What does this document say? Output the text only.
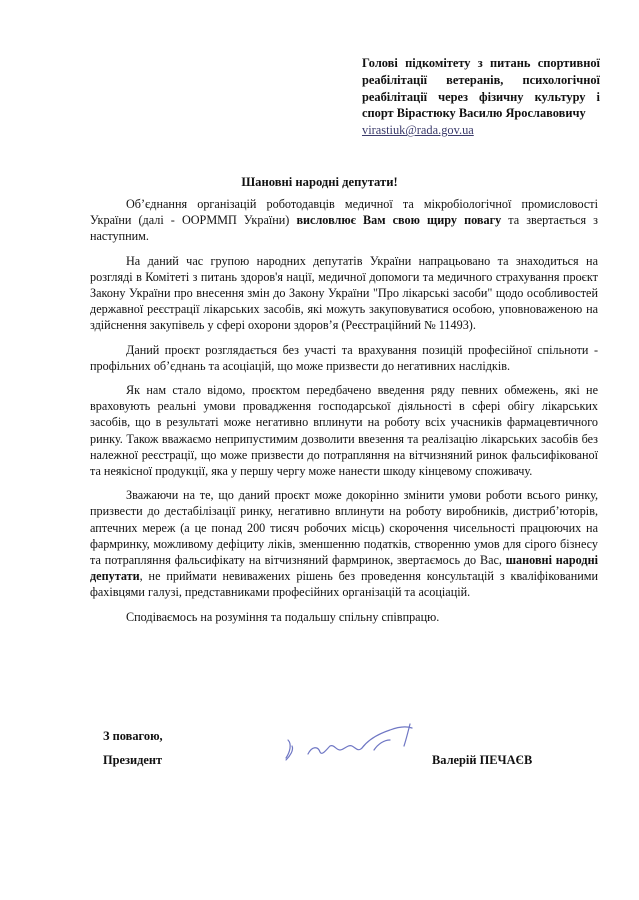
Голові підкомітету з питань спортивної реабілітації ветеранів, психологічної реабілітації через фізичну культуру і спорт Вірастюку Василю Ярославовичу
virastiuk@rada.gov.ua
Шановні народні депутати!

Об’єднання організацій роботодавців медичної та мікробіологічної промисловості України (далі - ООРММП України) висловлює Вам свою щиру повагу та звертається з наступним.

На даний час групою народних депутатів України напрацьовано та знаходиться на розгляді в Комітеті з питань здоров'я нації, медичної допомоги та медичного страхування проєкт Закону України про внесення змін до Закону України "Про лікарські засоби" щодо особливостей державної реєстрації лікарських засобів, які можуть закуповуватися особою, уповноваженою на здійснення закупівель у сфері охорони здоров’я (Реєстраційний № 11493).

Даний проєкт розглядається без участі та врахування позицій професійної спільноти - профільних об’єднань та асоціацій, що може призвести до негативних наслідків.

Як нам стало відомо, проєктом передбачено введення ряду певних обмежень, які не враховують реальні умови провадження господарської діяльності в сфері обігу лікарських засобів, що в результаті може негативно вплинути на роботу всіх учасників фармацевтичного ринку. Також вважаємо неприпустимим дозволити ввезення та реалізацію лікарських засобів без належної реєстрації, що може призвести до потрапляння на вітчизняний ринок фальсифікованої та неякісної продукції, яка у першу чергу може нанести шкоду кінцевому споживачу.

Зважаючи на те, що даний проєкт може докорінно змінити умови роботи всього ринку, призвести до дестабілізації ринку, негативно вплинути на роботу виробників, дистриб’юторів, аптечних мереж (а це понад 200 тисяч робочих місць) скорочення чисельності працюючих на фармринку, можливому дефіциту ліків, зменшенню податків, створенню умов для сірого бізнесу та потрапляння фальсифікату на вітчизняний фармринок, звертаємось до Вас, шановні народні депутати, не приймати невиважених рішень без проведення консультацій з кваліфікованими фахівцями галузі, представниками професійних організацій та асоціацій.

Сподіваємось на розуміння та подальшу спільну співпрацю.

З повагою,
Президент	Валерій ПЕЧАЄВ
